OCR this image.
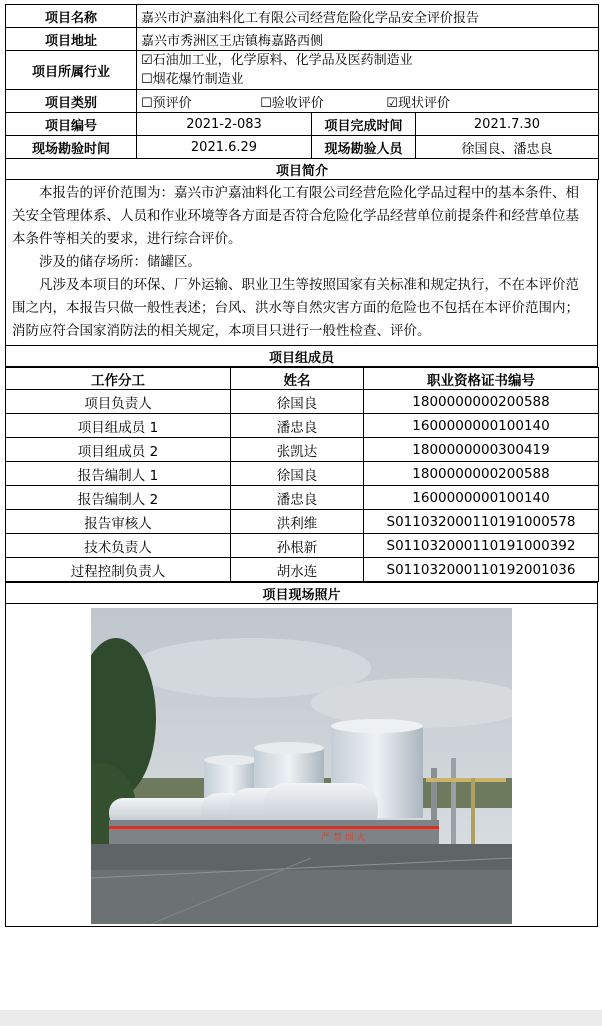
项目名称	嘉兴市沪嘉油料化工有限公司经营危险化学品安全评价报告		
项目地址	嘉兴市秀洲区王店镇梅嘉路西侧		
项目所属行业	☑石油加工业，化学原料、化学品及医药制造业
☐烟花爆竹制造业		

项目类别	☐预评价 ☐验收评价 ☑现状评价		
项目编号	2021-2-083	项目完成时间	2021.7.30
现场勘验时间	2021.6.29	现场勘验人员	徐国良、潘忠良
项目简介			

本报告的评价范围为：嘉兴市沪嘉油料化工有限公司经营危险化学品过程中的基本条件、相关安全管理体系、人员和作业环境等各方面是否符合危险化学品经营单位前提条件和经营单位基本条件等相关的要求，进行综合评价。

涉及的储存场所：储罐区。

凡涉及本项目的环保、厂外运输、职业卫生等按照国家有关标准和规定执行，不在本评价范围之内，本报告只做一般性表述；台风、洪水等自然灾害方面的危险也不包括在本评价范围内；消防应符合国家消防法的相关规定，本项目只进行一般性检查、评价。

项目组成员
工作分工	姓名	职业资格证书编号
项目负责人	徐国良	1800000000200588
项目组成员 1	潘忠良	1600000000100140
项目组成员 2	张凯达	1800000000300419
报告编制人 1	徐国良	1800000000200588
报告编制人 2	潘忠良	1600000000100140
报告审核人	洪利维	S011032000110191000578
技术负责人	孙根新	S011032000110191000392
过程控制负责人	胡水连	S011032000110192001036
项目现场照片
严 禁 烟 火
